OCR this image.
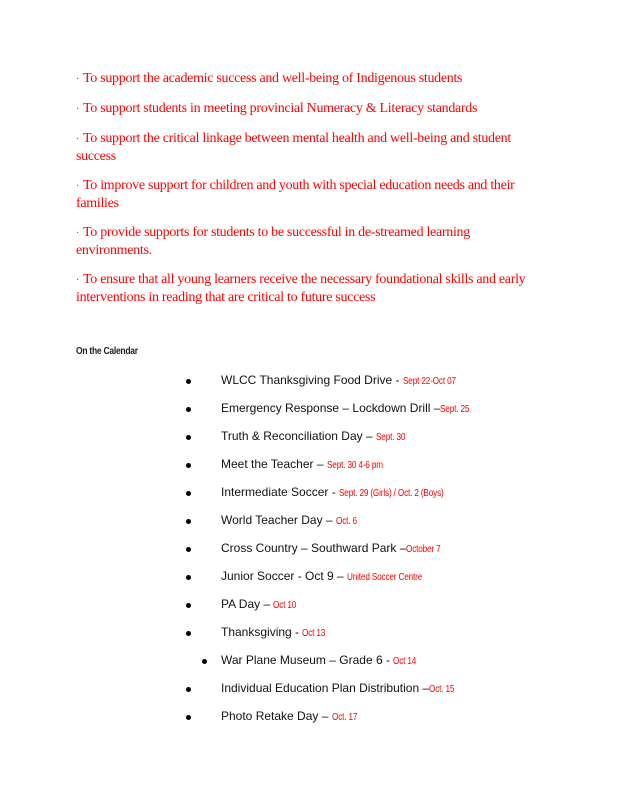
· To support the academic success and well-being of Indigenous students

· To support students in meeting provincial Numeracy & Literacy standards

· To support the critical linkage between mental health and well-being and student success

· To improve support for children and youth with special education needs and their families

· To provide supports for students to be successful in de-streamed learning environments.

· To ensure that all young learners receive the necessary foundational skills and early interventions in reading that are critical to future success

On the Calendar
WLCC Thanksgiving Food Drive - Sept 22-Oct 07
Emergency Response – Lockdown Drill –Sept. 25
Truth & Reconciliation Day – Sept. 30
Meet the Teacher – Sept. 30 4-6 pm
Intermediate Soccer - Sept. 29 (Girls) / Oct. 2 (Boys)
World Teacher Day – Oct. 6
Cross Country – Southward Park –October 7
Junior Soccer - Oct 9 – United Soccer Centre
PA Day – Oct 10
Thanksgiving - Oct 13
War Plane Museum – Grade 6 - Oct 14
Individual Education Plan Distribution –Oct. 15
Photo Retake Day – Oct. 17
